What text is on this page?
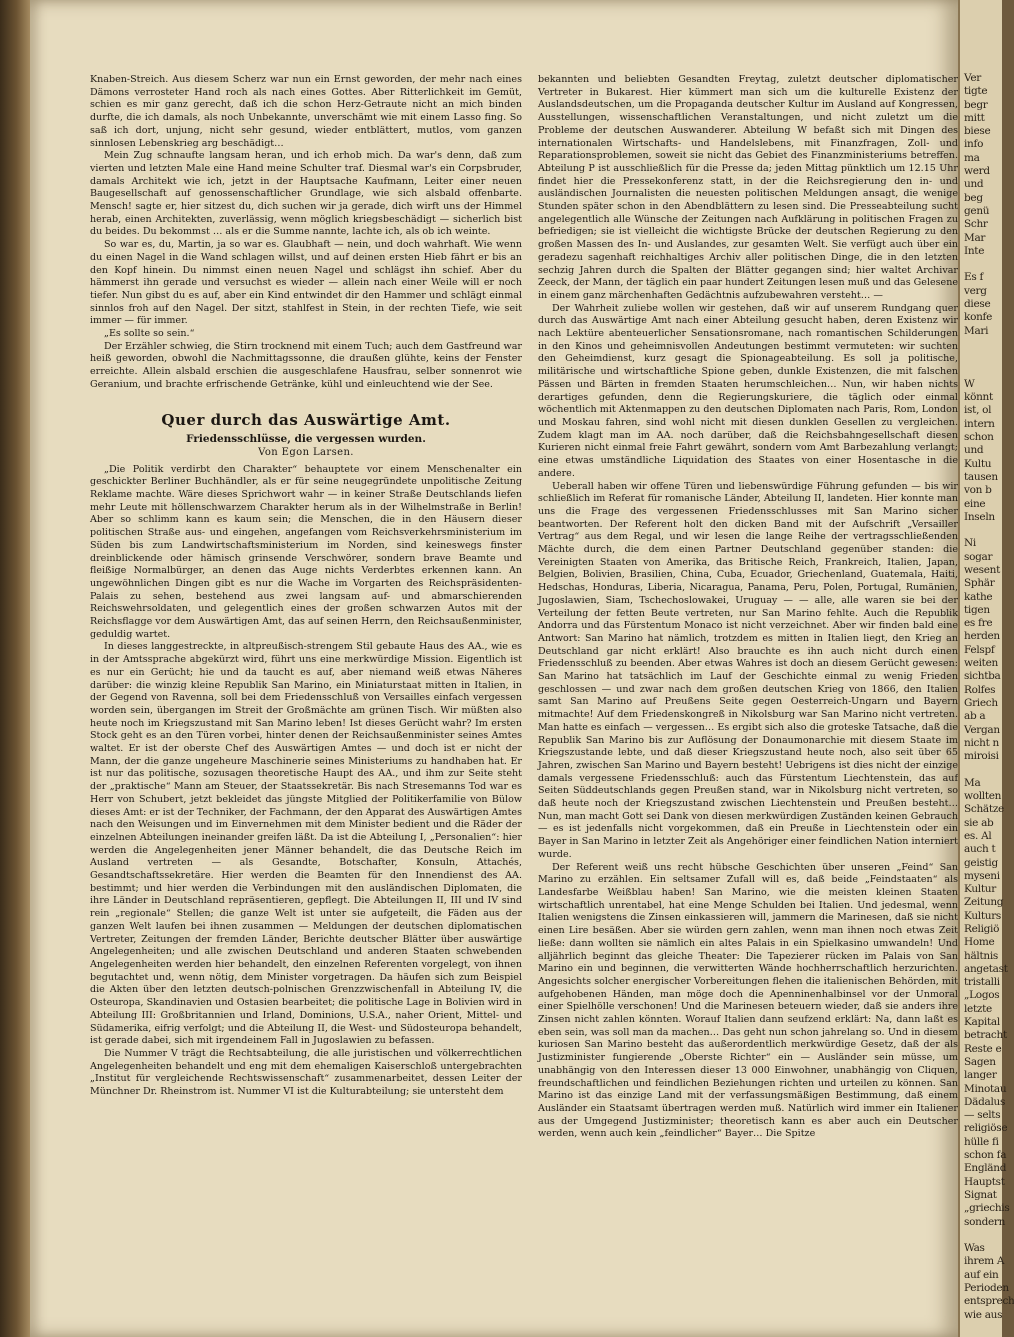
Knaben-Streich. Aus diesem Scherz war nun ein Ernst geworden, der mehr nach eines Dämons verrosteter Hand roch als nach eines Gottes. Aber Ritterlichkeit im Gemüt, schien es mir ganz gerecht, daß ich die schon Herz-Getraute nicht an mich binden durfte, die ich damals, als noch Unbekannte, unverschämt wie mit einem Lasso fing. So saß ich dort, unjung, nicht sehr gesund, wieder entblättert, mutlos, vom ganzen sinnlosen Lebenskrieg arg beschädigt…

Mein Zug schnaufte langsam heran, und ich erhob mich. Da war's denn, daß zum vierten und letzten Male eine Hand meine Schulter traf. Diesmal war's ein Corpsbruder, damals Architekt wie ich, jetzt in der Hauptsache Kaufmann, Leiter einer neuen Baugesellschaft auf genossenschaftlicher Grundlage, wie sich alsbald offenbarte. Mensch! sagte er, hier sitzest du, dich suchen wir ja gerade, dich wirft uns der Himmel herab, einen Architekten, zuverlässig, wenn möglich kriegsbeschädigt — sicherlich bist du beides. Du bekommst … als er die Summe nannte, lachte ich, als ob ich weinte.

So war es, du, Martin, ja so war es. Glaubhaft — nein, und doch wahrhaft. Wie wenn du einen Nagel in die Wand schlagen willst, und auf deinen ersten Hieb fährt er bis an den Kopf hinein. Du nimmst einen neuen Nagel und schlägst ihn schief. Aber du hämmerst ihn gerade und versuchst es wieder — allein nach einer Weile will er noch tiefer. Nun gibst du es auf, aber ein Kind entwindet dir den Hammer und schlägt einmal sinnlos froh auf den Nagel. Der sitzt, stahlfest in Stein, in der rechten Tiefe, wie seit immer — für immer.

„Es sollte so sein.“

Der Erzähler schwieg, die Stirn trocknend mit einem Tuch; auch dem Gastfreund war heiß geworden, obwohl die Nachmittagssonne, die draußen glühte, keins der Fenster erreichte. Allein alsbald erschien die ausgeschlafene Hausfrau, selber sonnenrot wie Geranium, und brachte erfrischende Getränke, kühl und einleuchtend wie der See.

Quer durch das Auswärtige Amt.
Friedensschlüsse, die vergessen wurden.
Von Egon Larsen.

„Die Politik verdirbt den Charakter“ behauptete vor einem Menschenalter ein geschickter Berliner Buchhändler, als er für seine neugegründete unpolitische Zeitung Reklame machte. Wäre dieses Sprichwort wahr — in keiner Straße Deutschlands liefen mehr Leute mit höllenschwarzem Charakter herum als in der Wilhelmstraße in Berlin! Aber so schlimm kann es kaum sein; die Menschen, die in den Häusern dieser politischen Straße aus- und eingehen, angefangen vom Reichsverkehrsministerium im Süden bis zum Landwirtschaftsministerium im Norden, sind keineswegs finster dreinblickende oder hämisch grinsende Verschwörer, sondern brave Beamte und fleißige Normalbürger, an denen das Auge nichts Verderbtes erkennen kann. An ungewöhnlichen Dingen gibt es nur die Wache im Vorgarten des Reichspräsidenten-Palais zu sehen, bestehend aus zwei langsam auf- und abmarschierenden Reichswehrsoldaten, und gelegentlich eines der großen schwarzen Autos mit der Reichsflagge vor dem Auswärtigen Amt, das auf seinen Herrn, den Reichsaußenminister, geduldig wartet.

In dieses langgestreckte, in altpreußisch-strengem Stil gebaute Haus des AA., wie es in der Amtssprache abgekürzt wird, führt uns eine merkwürdige Mission. Eigentlich ist es nur ein Gerücht; hie und da taucht es auf, aber niemand weiß etwas Näheres darüber: die winzig kleine Republik San Marino, ein Miniaturstaat mitten in Italien, in der Gegend von Ravenna, soll bei dem Friedensschluß von Versailles einfach vergessen worden sein, übergangen im Streit der Großmächte am grünen Tisch. Wir müßten also heute noch im Kriegszustand mit San Marino leben! Ist dieses Gerücht wahr? Im ersten Stock geht es an den Türen vorbei, hinter denen der Reichsaußenminister seines Amtes waltet. Er ist der oberste Chef des Auswärtigen Amtes — und doch ist er nicht der Mann, der die ganze ungeheure Maschinerie seines Ministeriums zu handhaben hat. Er ist nur das politische, sozusagen theoretische Haupt des AA., und ihm zur Seite steht der „praktische“ Mann am Steuer, der Staatssekretär. Bis nach Stresemanns Tod war es Herr von Schubert, jetzt bekleidet das jüngste Mitglied der Politikerfamilie von Bülow dieses Amt: er ist der Techniker, der Fachmann, der den Apparat des Auswärtigen Amtes nach den Weisungen und im Einvernehmen mit dem Minister bedient und die Räder der einzelnen Abteilungen ineinander greifen läßt. Da ist die Abteilung I, „Personalien“: hier werden die Angelegenheiten jener Männer behandelt, die das Deutsche Reich im Ausland vertreten — als Gesandte, Botschafter, Konsuln, Attachés, Gesandtschaftssekretäre. Hier werden die Beamten für den Innendienst des AA. bestimmt; und hier werden die Verbindungen mit den ausländischen Diplomaten, die ihre Länder in Deutschland repräsentieren, gepflegt. Die Abteilungen II, III und IV sind rein „regionale“ Stellen; die ganze Welt ist unter sie aufgeteilt, die Fäden aus der ganzen Welt laufen bei ihnen zusammen — Meldungen der deutschen diplomatischen Vertreter, Zeitungen der fremden Länder, Berichte deutscher Blätter über auswärtige Angelegenheiten; und alle zwischen Deutschland und anderen Staaten schwebenden Angelegenheiten werden hier behandelt, den einzelnen Referenten vorgelegt, von ihnen begutachtet und, wenn nötig, dem Minister vorgetragen. Da häufen sich zum Beispiel die Akten über den letzten deutsch-polnischen Grenzzwischenfall in Abteilung IV, die Osteuropa, Skandinavien und Ostasien bearbeitet; die politische Lage in Bolivien wird in Abteilung III: Großbritannien und Irland, Dominions, U.S.A., naher Orient, Mittel- und Südamerika, eifrig verfolgt; und die Abteilung II, die West- und Südosteuropa behandelt, ist gerade dabei, sich mit irgendeinem Fall in Jugoslawien zu befassen.

Die Nummer V trägt die Rechtsabteilung, die alle juristischen und völkerrechtlichen Angelegenheiten behandelt und eng mit dem ehemaligen Kaiserschloß untergebrachten „Institut für vergleichende Rechtswissenschaft“ zusammenarbeitet, dessen Leiter der Münchner Dr. Rheinstrom ist. Nummer VI ist die Kulturabteilung; sie untersteht dem

bekannten und beliebten Gesandten Freytag, zuletzt deutscher diplomatischer Vertreter in Bukarest. Hier kümmert man sich um die kulturelle Existenz der Auslandsdeutschen, um die Propaganda deutscher Kultur im Ausland auf Kongressen, Ausstellungen, wissenschaftlichen Veranstaltungen, und nicht zuletzt um die Probleme der deutschen Auswanderer. Abteilung W befaßt sich mit Dingen des internationalen Wirtschafts- und Handelslebens, mit Finanzfragen, Zoll- und Reparationsproblemen, soweit sie nicht das Gebiet des Finanzministeriums betreffen. Abteilung P ist ausschließlich für die Presse da; jeden Mittag pünktlich um 12.15 Uhr findet hier die Pressekonferenz statt, in der die Reichsregierung den in- und ausländischen Journalisten die neuesten politischen Meldungen ansagt, die wenige Stunden später schon in den Abendblättern zu lesen sind. Die Presseabteilung sucht angelegentlich alle Wünsche der Zeitungen nach Aufklärung in politischen Fragen zu befriedigen; sie ist vielleicht die wichtigste Brücke der deutschen Regierung zu den großen Massen des In- und Auslandes, zur gesamten Welt. Sie verfügt auch über ein geradezu sagenhaft reichhaltiges Archiv aller politischen Dinge, die in den letzten sechzig Jahren durch die Spalten der Blätter gegangen sind; hier waltet Archivar Zeeck, der Mann, der täglich ein paar hundert Zeitungen lesen muß und das Gelesene in einem ganz märchenhaften Gedächtnis aufzubewahren versteht… —

Der Wahrheit zuliebe wollen wir gestehen, daß wir auf unserem Rundgang quer durch das Auswärtige Amt nach einer Abteilung gesucht haben, deren Existenz wir nach Lektüre abenteuerlicher Sensationsromane, nach romantischen Schilderungen in den Kinos und geheimnisvollen Andeutungen bestimmt vermuteten: wir suchten den Geheimdienst, kurz gesagt die Spionageabteilung. Es soll ja politische, militärische und wirtschaftliche Spione geben, dunkle Existenzen, die mit falschen Pässen und Bärten in fremden Staaten herumschleichen… Nun, wir haben nichts derartiges gefunden, denn die Regierungskuriere, die täglich oder einmal wöchentlich mit Aktenmappen zu den deutschen Diplomaten nach Paris, Rom, London und Moskau fahren, sind wohl nicht mit diesen dunklen Gesellen zu vergleichen. Zudem klagt man im AA. noch darüber, daß die Reichsbahngesellschaft diesen Kurieren nicht einmal freie Fahrt gewährt, sondern vom Amt Barbezahlung verlangt; eine etwas umständliche Liquidation des Staates von einer Hosentasche in die andere.

Ueberall haben wir offene Türen und liebenswürdige Führung gefunden — bis wir schließlich im Referat für romanische Länder, Abteilung II, landeten. Hier konnte man uns die Frage des vergessenen Friedensschlusses mit San Marino sicher beantworten. Der Referent holt den dicken Band mit der Aufschrift „Versailler Vertrag“ aus dem Regal, und wir lesen die lange Reihe der vertragsschließenden Mächte durch, die dem einen Partner Deutschland gegenüber standen: die Vereinigten Staaten von Amerika, das Britische Reich, Frankreich, Italien, Japan, Belgien, Bolivien, Brasilien, China, Cuba, Ecuador, Griechenland, Guatemala, Haiti, Hedschas, Honduras, Liberia, Nicaragua, Panama, Peru, Polen, Portugal, Rumänien, Jugoslawien, Siam, Tschechoslowakei, Uruguay — — alle, alle waren sie bei der Verteilung der fetten Beute vertreten, nur San Marino fehlte. Auch die Republik Andorra und das Fürstentum Monaco ist nicht verzeichnet. Aber wir finden bald eine Antwort: San Marino hat nämlich, trotzdem es mitten in Italien liegt, den Krieg an Deutschland gar nicht erklärt! Also brauchte es ihn auch nicht durch einen Friedensschluß zu beenden. Aber etwas Wahres ist doch an diesem Gerücht gewesen: San Marino hat tatsächlich im Lauf der Geschichte einmal zu wenig Frieden geschlossen — und zwar nach dem großen deutschen Krieg von 1866, den Italien samt San Marino auf Preußens Seite gegen Oesterreich-Ungarn und Bayern mitmachte! Auf dem Friedenskongreß in Nikolsburg war San Marino nicht vertreten. Man hatte es einfach — vergessen… Es ergibt sich also die groteske Tatsache, daß die Republik San Marino bis zur Auflösung der Donaumonarchie mit diesem Staate im Kriegszustande lebte, und daß dieser Kriegszustand heute noch, also seit über 65 Jahren, zwischen San Marino und Bayern besteht! Uebrigens ist dies nicht der einzige damals vergessene Friedensschluß: auch das Fürstentum Liechtenstein, das auf Seiten Süddeutschlands gegen Preußen stand, war in Nikolsburg nicht vertreten, so daß heute noch der Kriegszustand zwischen Liechtenstein und Preußen besteht… Nun, man macht Gott sei Dank von diesen merkwürdigen Zuständen keinen Gebrauch — es ist jedenfalls nicht vorgekommen, daß ein Preuße in Liechtenstein oder ein Bayer in San Marino in letzter Zeit als Angehöriger einer feindlichen Nation interniert wurde.

Der Referent weiß uns recht hübsche Geschichten über unseren „Feind“ San Marino zu erzählen. Ein seltsamer Zufall will es, daß beide „Feindstaaten“ als Landesfarbe Weißblau haben! San Marino, wie die meisten kleinen Staaten wirtschaftlich unrentabel, hat eine Menge Schulden bei Italien. Und jedesmal, wenn Italien wenigstens die Zinsen einkassieren will, jammern die Marinesen, daß sie nicht einen Lire besäßen. Aber sie würden gern zahlen, wenn man ihnen noch etwas Zeit ließe: dann wollten sie nämlich ein altes Palais in ein Spielkasino umwandeln! Und alljährlich beginnt das gleiche Theater: Die Tapezierer rücken im Palais von San Marino ein und beginnen, die verwitterten Wände hochherrschaftlich herzurichten. Angesichts solcher energischer Vorbereitungen flehen die italienischen Behörden, mit aufgehobenen Händen, man möge doch die Apenninenhalbinsel vor der Unmoral einer Spielhölle verschonen! Und die Marinesen beteuern wieder, daß sie anders ihre Zinsen nicht zahlen könnten. Worauf Italien dann seufzend erklärt: Na, dann laßt es eben sein, was soll man da machen… Das geht nun schon jahrelang so. Und in diesem kuriosen San Marino besteht das außerordentlich merkwürdige Gesetz, daß der als Justizminister fungierende „Oberste Richter“ ein — Ausländer sein müsse, um unabhängig von den Interessen dieser 13 000 Einwohner, unabhängig von Cliquen, freundschaftlichen und feindlichen Beziehungen richten und urteilen zu können. San Marino ist das einzige Land mit der verfassungsmäßigen Bestimmung, daß einem Ausländer ein Staatsamt übertragen werden muß. Natürlich wird immer ein Italiener aus der Umgegend Justizminister; theoretisch kann es aber auch ein Deutscher werden, wenn auch kein „feindlicher“ Bayer… Die Spitze

Ver
tigte
begr
mitt
biese
info
ma
werd
und
beg
genü
Schr
Mar
Inte

Es f
verg
diese
konfe
Mari

W
könnt
ist, ol
intern
schon
und
Kultu
tausen
von b
eine
Inseln

Ni
sogar
wesent
Sphär
kathe
tigen
es fre
herden
Felspf
weiten
sichtba
Rolfes
Griech
ab a
Vergan
nicht n
miroisi

Ma
wollten
Schätze
sie ab
es. Al
auch t
geistig
myseni
Kultur
Zeitung
Kulturs
Religiö
Home
hältnis
angetast
tristalli
„Logos
letzte
Kapital
betracht
Reste e
Sagen
langer
Minotau
Dädalus
— selts
religiöse
hülle fi
schon fa
Engländ
Hauptst
Signat
„griechis
sondern

Was
ihrem A
auf ein
Perioden
entsprech
wie aus
